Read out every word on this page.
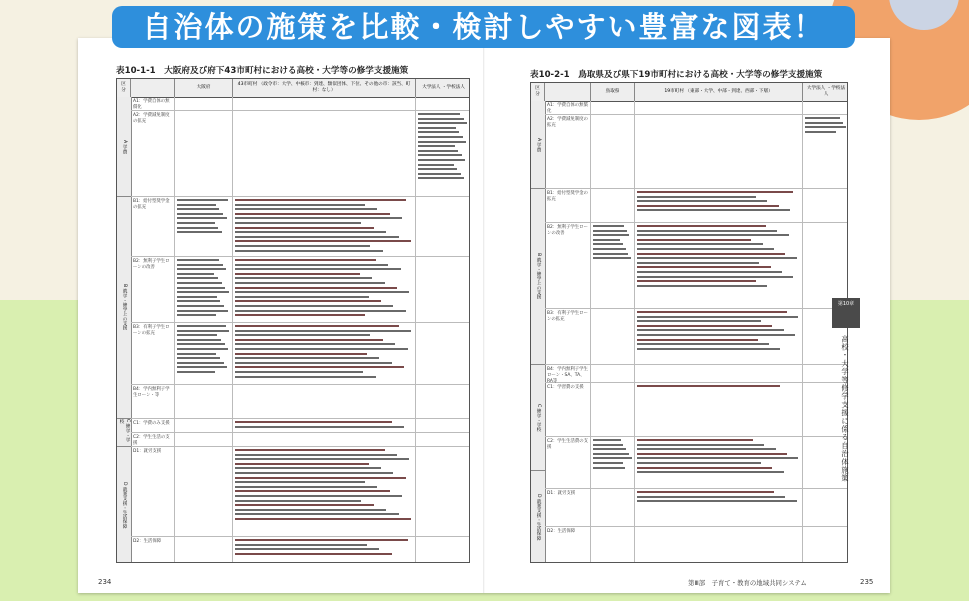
表10-1-1　大阪府及び府下43市町村における高校・大学等の修学支援施策
区分
大阪府
43市町村 （政令市：大学、中核市：到達、類似団体、下位、その他の市：該当、町村：なし）
大学法人 ・学校法人
A 学費
B 就学・修学上の支援
C 修学・学校
D 就業支援・生活保障
A1：学費自体の無償化
A2：学費減免制度の拡充
B1：給付型奨学金の拡充
B2：無利子学生ローンの改善
B3：有利子学生ローンの拡充
B4：学内無利子学生ローン・等
C1：学費のみ支援
C2：学生生活の支援
D1：就労支援
D2：生活保障
234
表10-2-1　鳥取県及び県下19市町村における高校・大学等の修学支援施策
区分
鳥取県	19市町村 （東部・大学、中部・到達、西部・下層）
大学法人 ・学校法人
A 学費
B 就学・修学上の支援
C 修学・学校
D 就業支援・生活保障
A1：学費自体の無償化
A2：学費減免制度の拡充
B1：給付型奨学金の拡充
B2：無利子学生ローンの改善
B3：有利子学生ローンの拡充
B4：学内無利子学生ローン・SA、TA、RA等
C1：学習費の支援
C2：学生生活費の支援
D1：就労支援
D2：生活保障
第Ⅲ部　子育て・教育の地域共同システム	235
第10章
高校・大学等修学支援に係る自治体施策
自治体の施策を比較・検討しやすい豊富な図表！
